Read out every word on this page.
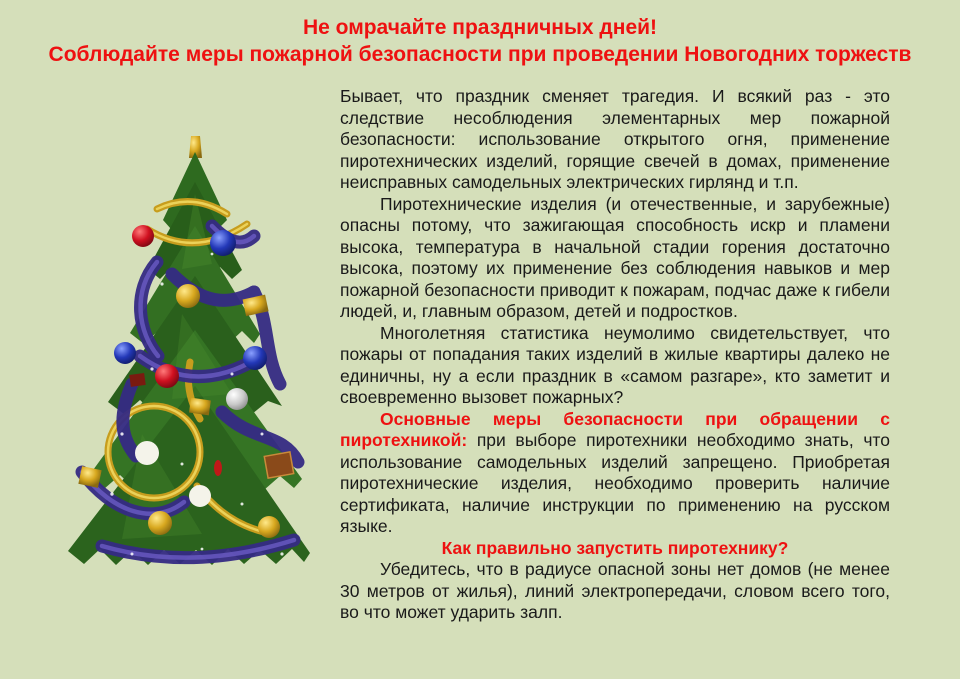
Не омрачайте праздничных дней!
Соблюдайте меры пожарной безопасности при проведении Новогодних торжеств

Бывает, что праздник сменяет трагедия. И всякий раз - это следствие несоблюдения элементарных мер пожарной безопасности: использование открытого огня, применение пиротехнических изделий, горящие свечей в домах, применение неисправных самодельных электрических гирлянд и т.п.

Пиротехнические изделия (и отечественные, и зарубежные) опасны потому, что зажигающая способность искр и пламени высока, температура в начальной стадии горения достаточно высока, поэтому их применение без соблюдения навыков и мер пожарной безопасности приводит к пожарам, подчас даже к гибели людей, и, главным образом, детей и подростков.

Многолетняя статистика неумолимо свидетельствует, что пожары от попадания таких изделий в жилые квартиры далеко не единичны, ну а если праздник в «самом разгаре», кто заметит и своевременно вызовет пожарных?

Основные меры безопасности при обращении с пиротехникой: при выборе пиротехники необходимо знать, что использование самодельных изделий запрещено. Приобретая пиротехнические изделия, необходимо проверить наличие сертификата, наличие инструкции по применению на русском языке.

Как правильно запустить пиротехнику?

Убедитесь, что в радиусе опасной зоны нет домов (не менее 30 метров от жилья), линий электропередачи, словом всего того, во что может ударить залп.
